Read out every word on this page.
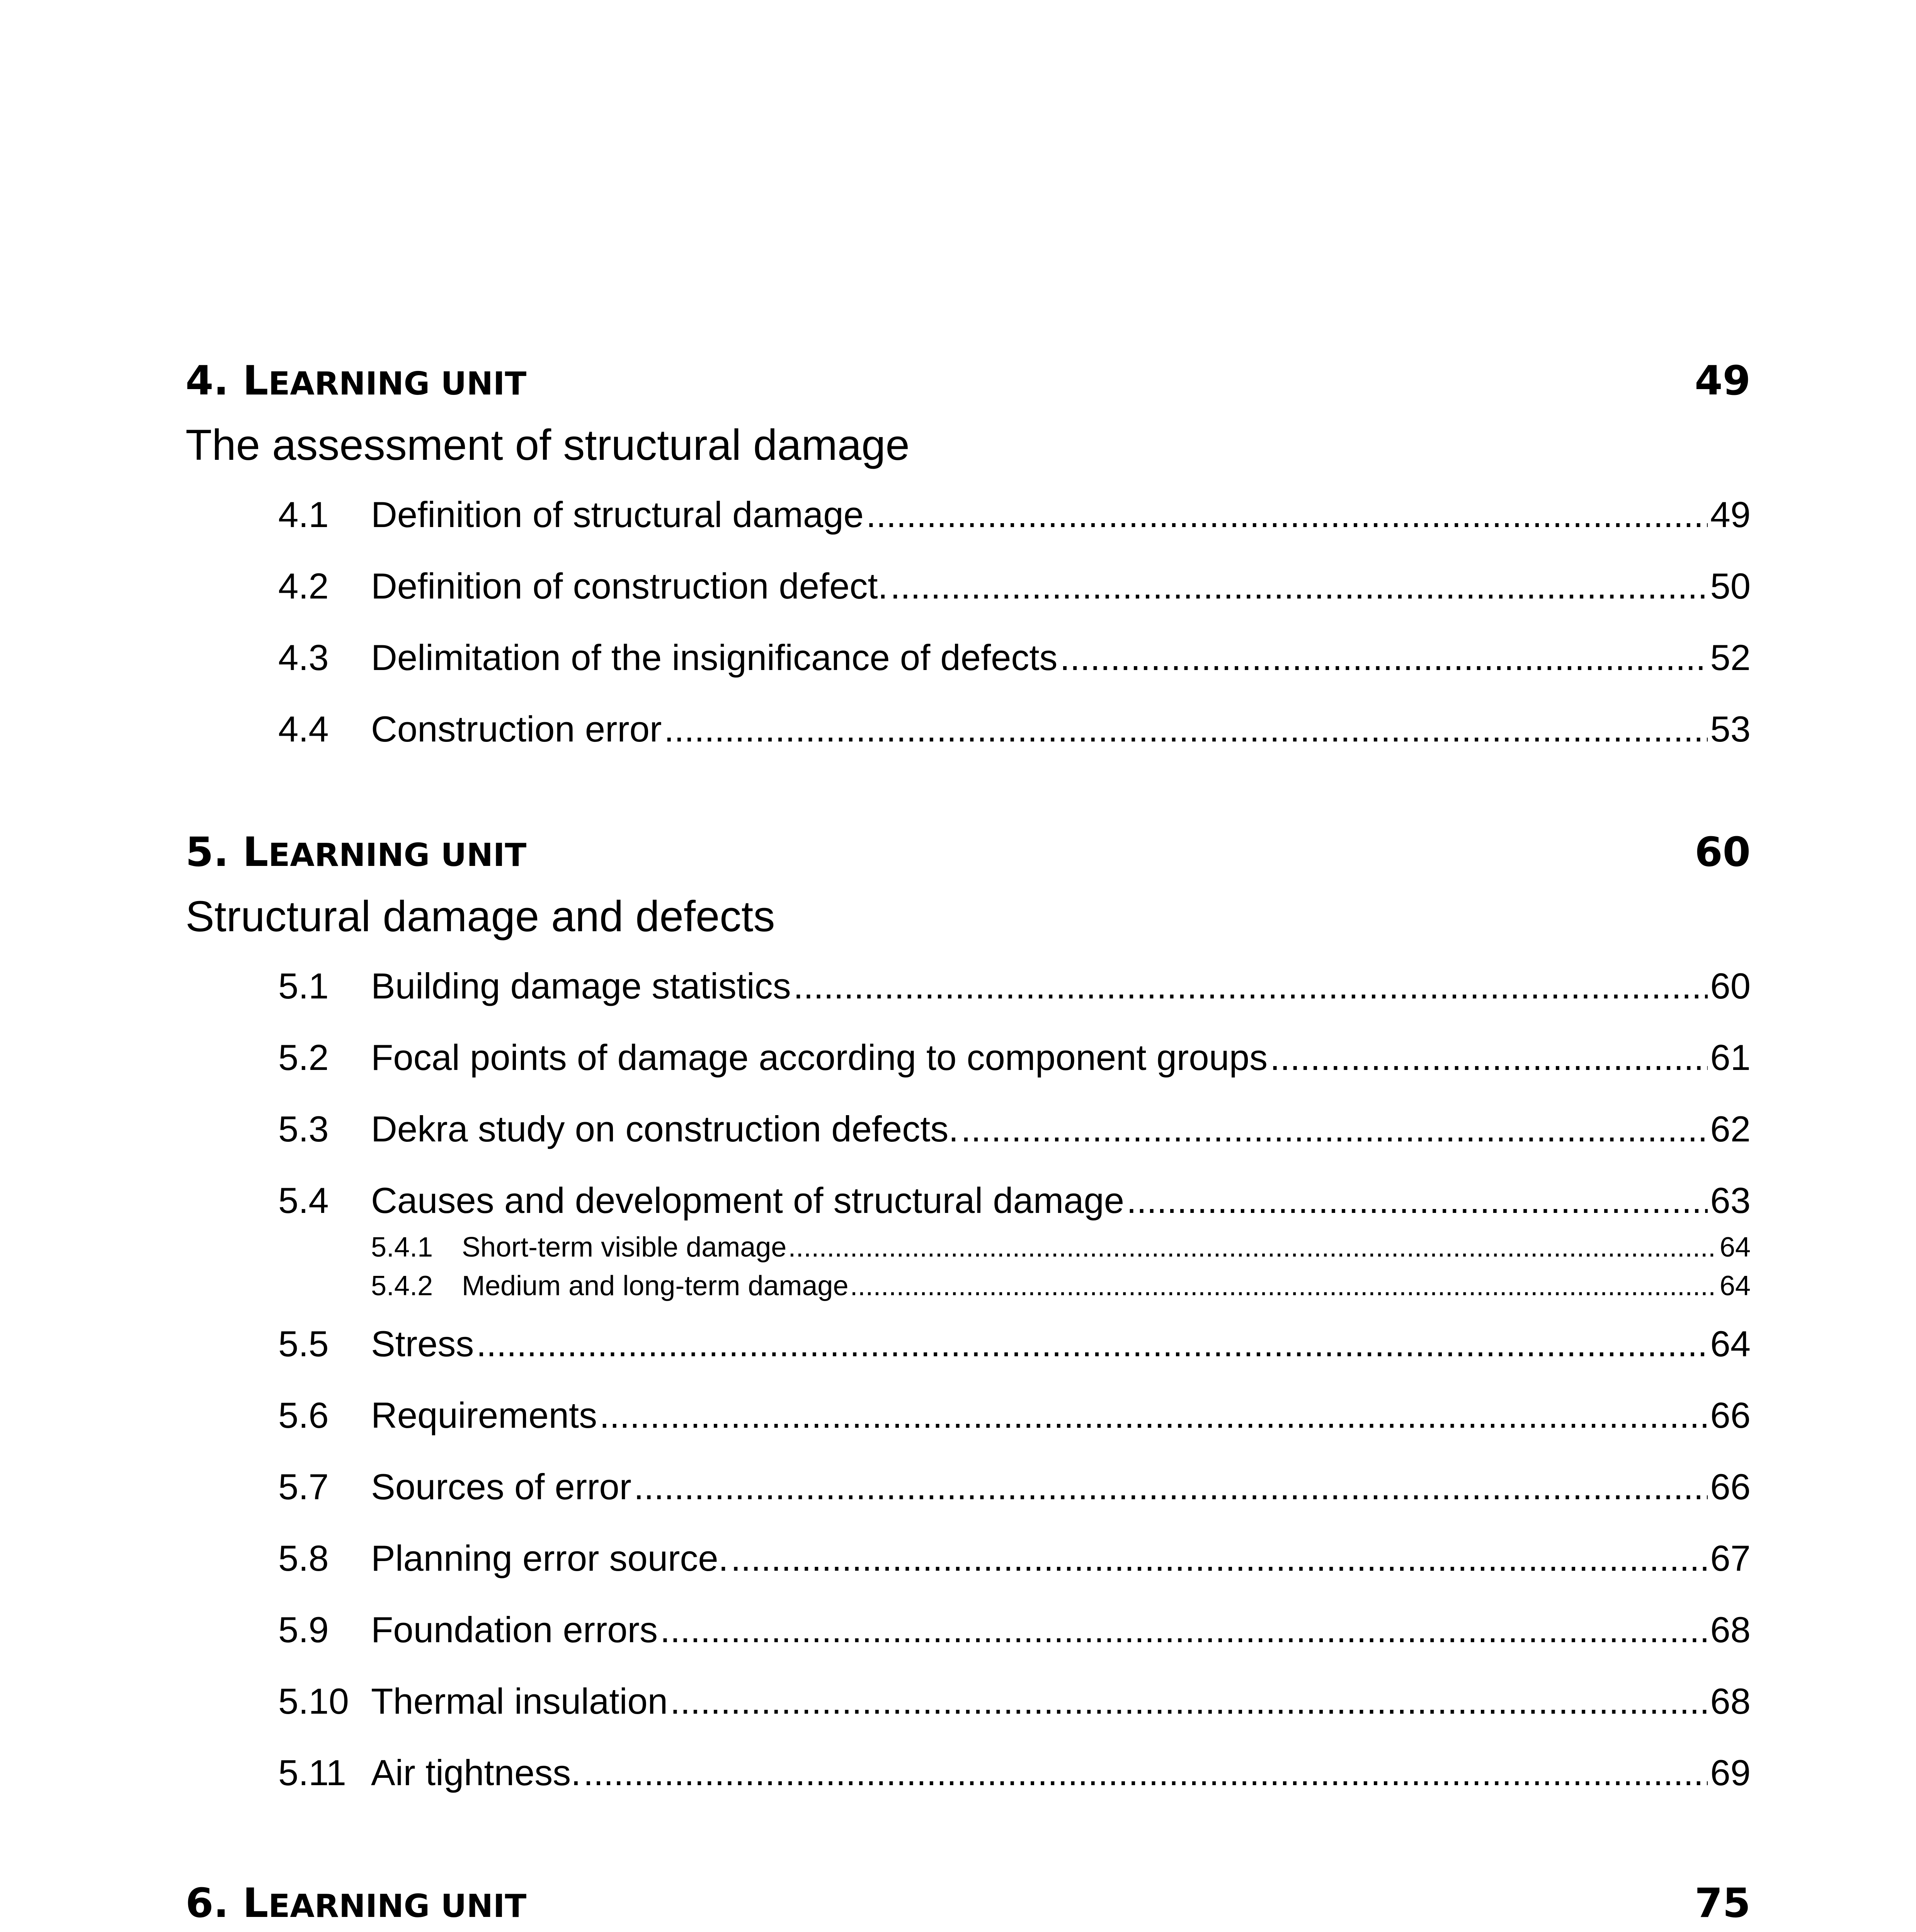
4. LEARNING UNIT	49
The assessment of structural damage
4.1	Definition of structural damage .....	49
4.2	Definition of construction defect. .....	50
4.3	Delimitation of the insignificance of defects .....	52
4.4	Construction error .....	53
5. LEARNING UNIT	60
Structural damage and defects
5.1	Building damage statistics .....	60
5.2	Focal points of damage according to component groups .....	61
5.3	Dekra study on construction defects. .....	62
5.4	Causes and development of structural damage .....	63
5.4.1	Short-term visible damage .....	64
5.4.2	Medium and long-term damage .....	64
5.5	Stress .....	64
5.6	Requirements .....	66
5.7	Sources of error .....	66
5.8	Planning error source. .....	67
5.9	Foundation errors .....	68
5.10 Thermal insulation .....	68
5.11 Air tightness. .....	69
6. LEARNING UNIT	75
